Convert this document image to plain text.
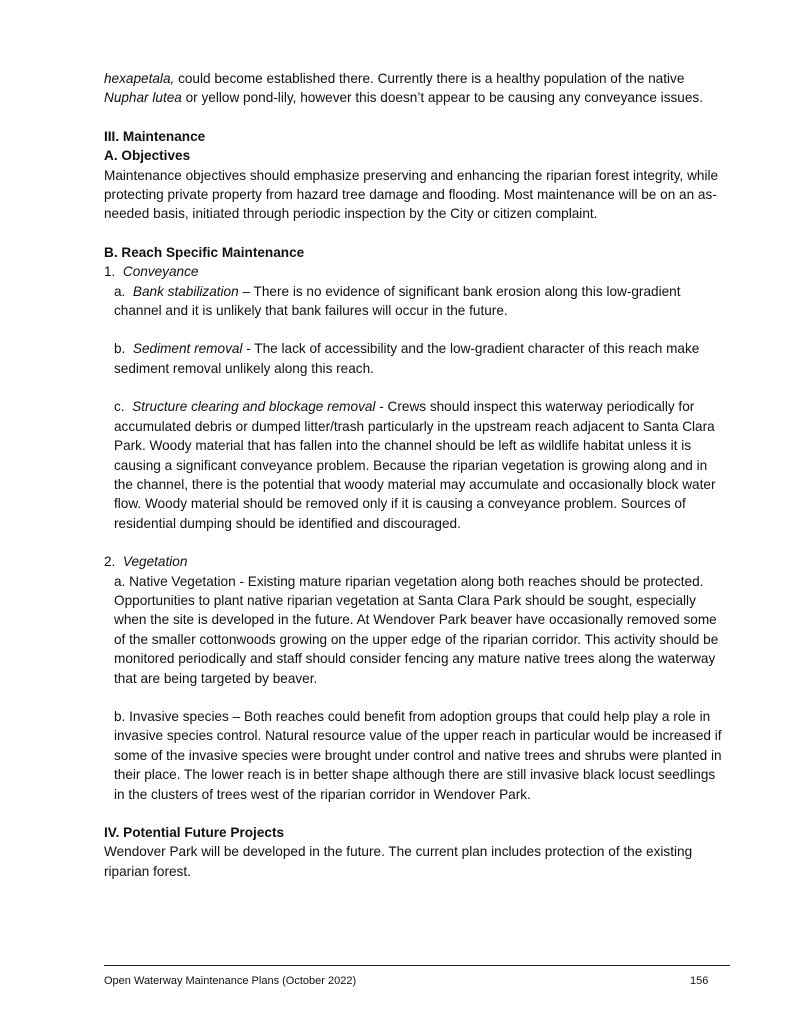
hexapetala, could become established there. Currently there is a healthy population of the native Nuphar lutea or yellow pond-lily, however this doesn’t appear to be causing any conveyance issues.

III. Maintenance

A. Objectives

Maintenance objectives should emphasize preserving and enhancing the riparian forest integrity, while protecting private property from hazard tree damage and flooding. Most maintenance will be on an as-needed basis, initiated through periodic inspection by the City or citizen complaint.

B. Reach Specific Maintenance

1.  Conveyance

a.  Bank stabilization – There is no evidence of significant bank erosion along this low-gradient channel and it is unlikely that bank failures will occur in the future.

b.  Sediment removal - The lack of accessibility and the low-gradient character of this reach make sediment removal unlikely along this reach.

c.  Structure clearing and blockage removal - Crews should inspect this waterway periodically for accumulated debris or dumped litter/trash particularly in the upstream reach adjacent to Santa Clara Park. Woody material that has fallen into the channel should be left as wildlife habitat unless it is causing a significant conveyance problem. Because the riparian vegetation is growing along and in the channel, there is the potential that woody material may accumulate and occasionally block water flow. Woody material should be removed only if it is causing a conveyance problem. Sources of residential dumping should be identified and discouraged.

2.  Vegetation

a. Native Vegetation - Existing mature riparian vegetation along both reaches should be protected. Opportunities to plant native riparian vegetation at Santa Clara Park should be sought, especially when the site is developed in the future. At Wendover Park beaver have occasionally removed some of the smaller cottonwoods growing on the upper edge of the riparian corridor. This activity should be monitored periodically and staff should consider fencing any mature native trees along the waterway that are being targeted by beaver.

b. Invasive species – Both reaches could benefit from adoption groups that could help play a role in invasive species control. Natural resource value of the upper reach in particular would be increased if some of the invasive species were brought under control and native trees and shrubs were planted in their place. The lower reach is in better shape although there are still invasive black locust seedlings in the clusters of trees west of the riparian corridor in Wendover Park.

IV. Potential Future Projects

Wendover Park will be developed in the future. The current plan includes protection of the existing riparian forest.

Open Waterway Maintenance Plans (October 2022)	156
